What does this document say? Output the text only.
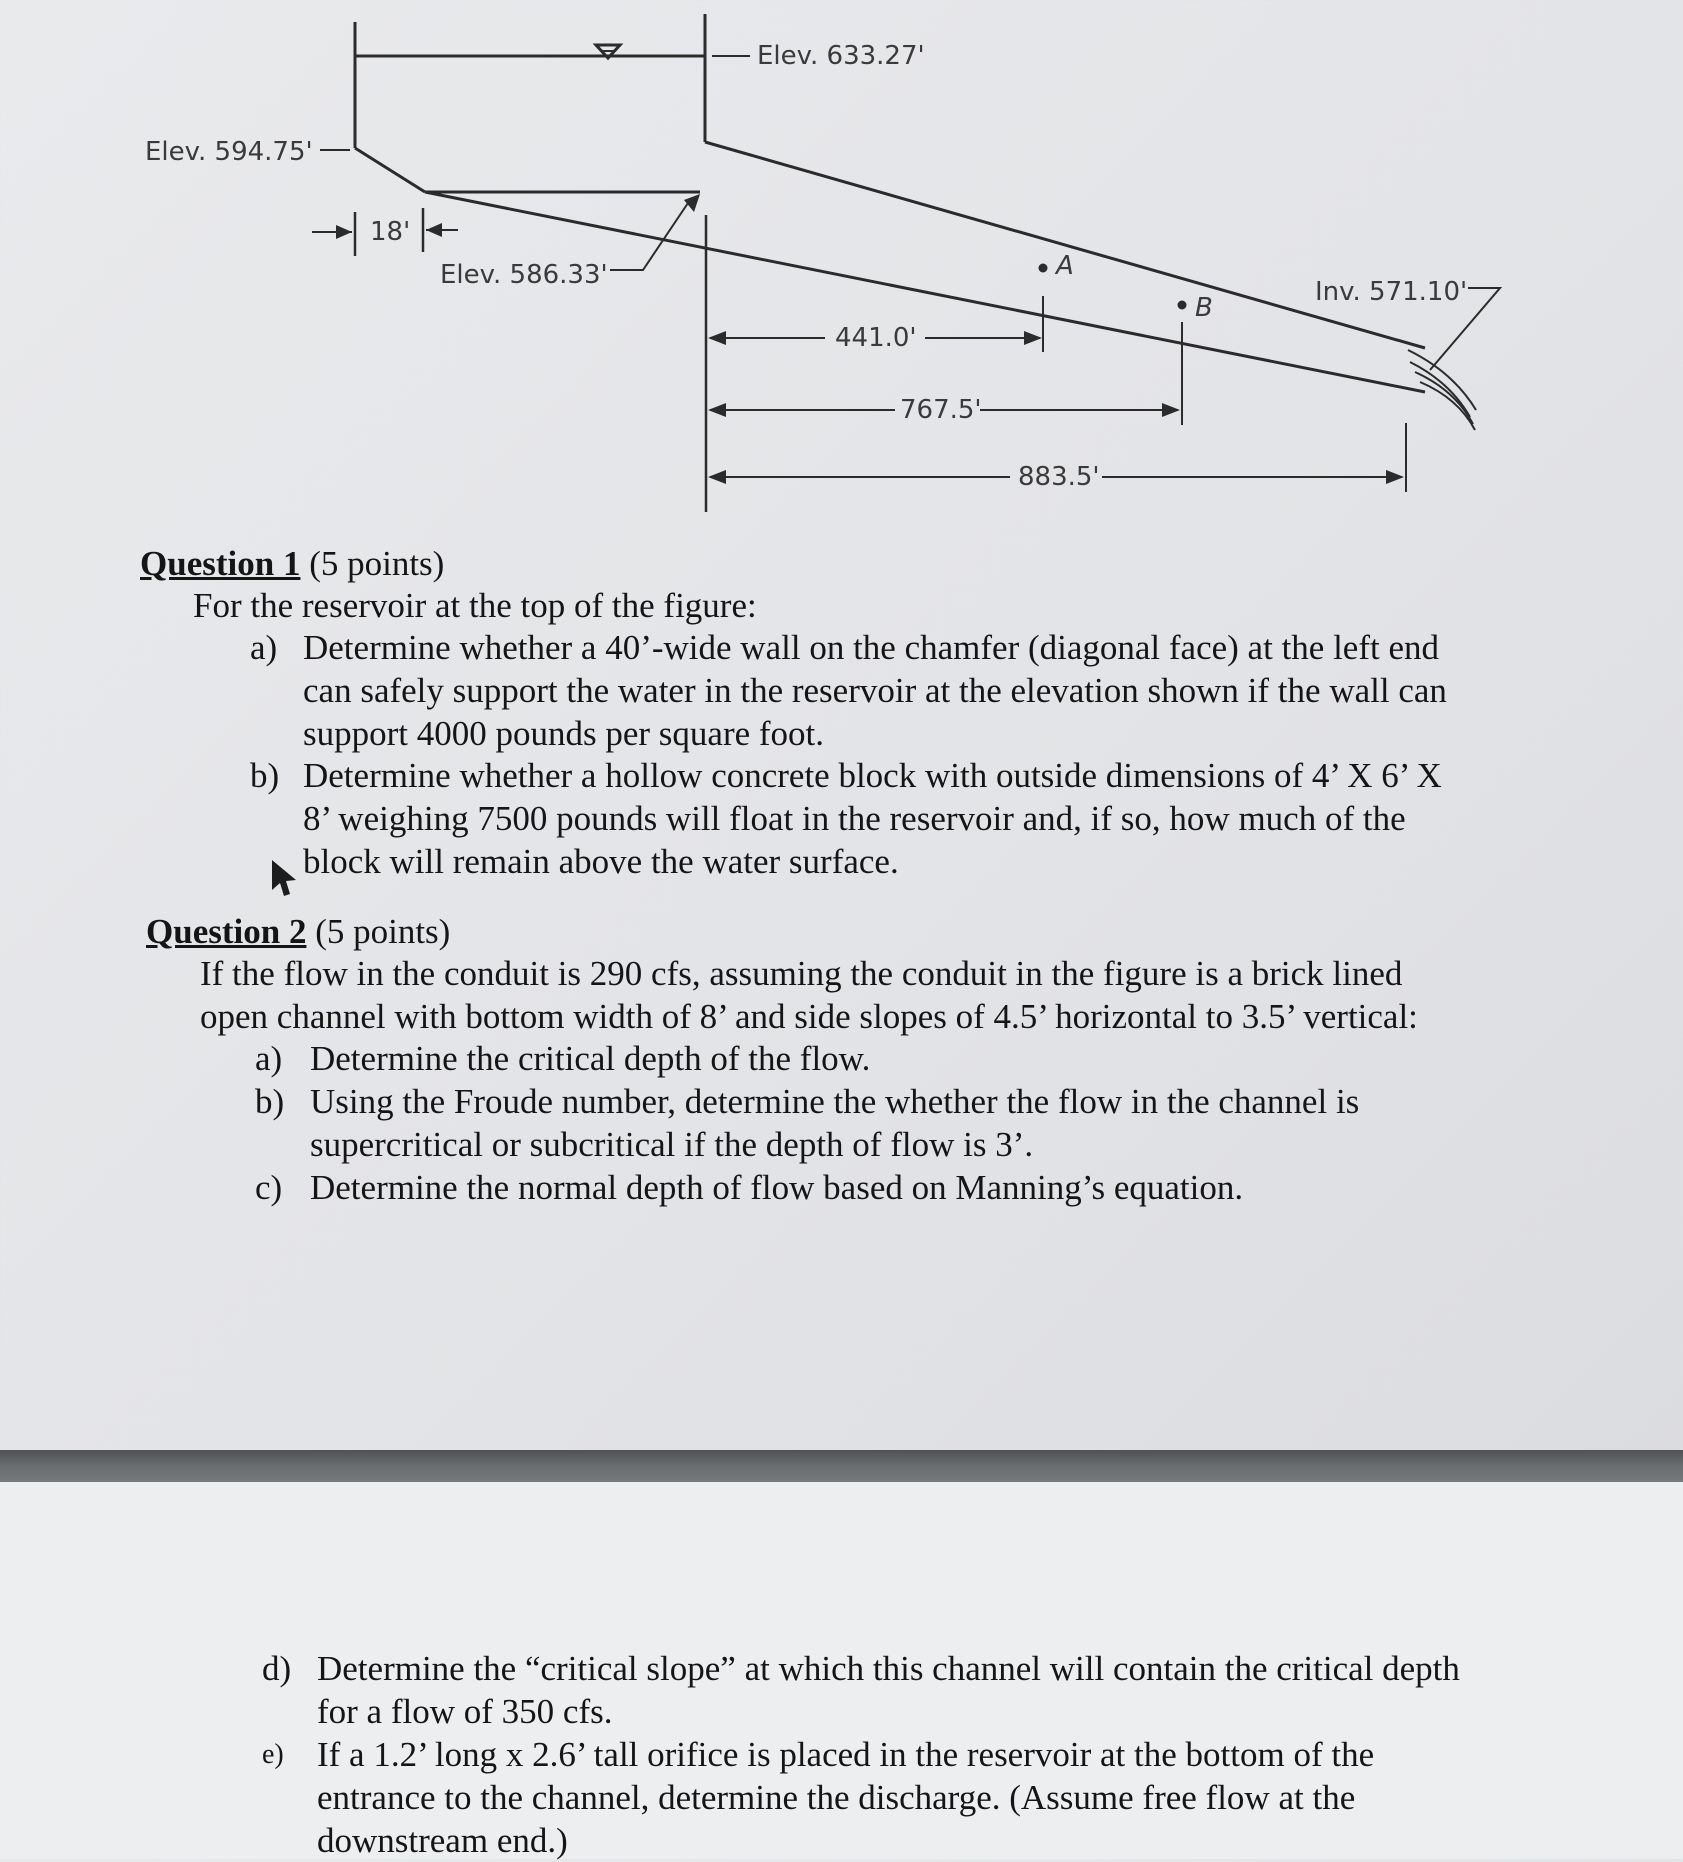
Elev. 633.27'
Elev. 594.75'
18'
Elev. 586.33'	A
B
Inv. 571.10'
441.0'
767.5'
883.5'
Question 1 (5 points)
For the reservoir at the top of the figure:
a) Determine whether a 40’-wide wall on the chamfer (diagonal face) at the left end
can safely support the water in the reservoir at the elevation shown if the wall can
support 4000 pounds per square foot.
b) Determine whether a hollow concrete block with outside dimensions of 4’ X 6’ X
8’ weighing 7500 pounds will float in the reservoir and, if so, how much of the
block will remain above the water surface.
Question 2 (5 points)
If the flow in the conduit is 290 cfs, assuming the conduit in the figure is a brick lined
open channel with bottom width of 8’ and side slopes of 4.5’ horizontal to 3.5’ vertical:
a) Determine the critical depth of the flow.
b) Using the Froude number, determine the whether the flow in the channel is
supercritical or subcritical if the depth of flow is 3’.
c) Determine the normal depth of flow based on Manning’s equation.
d) Determine the “critical slope” at which this channel will contain the critical depth
for a flow of 350 cfs.
e) If a 1.2’ long x 2.6’ tall orifice is placed in the reservoir at the bottom of the
entrance to the channel, determine the discharge. (Assume free flow at the
downstream end.)
